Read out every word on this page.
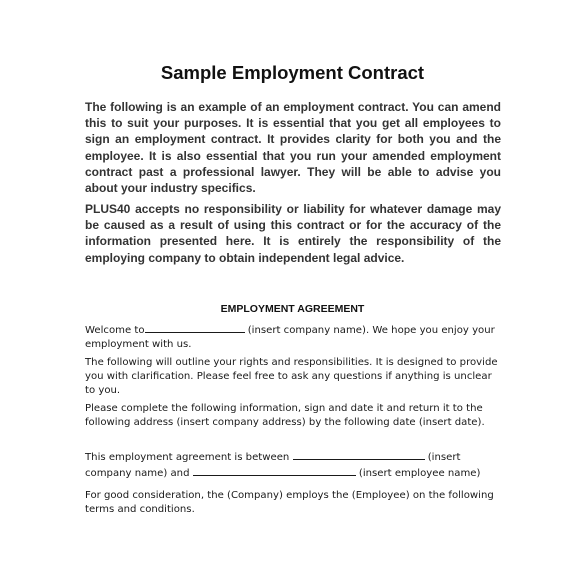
Sample Employment Contract

The following is an example of an employment contract. You can amend this to suit your purposes. It is essential that you get all employees to sign an employment contract. It provides clarity for both you and the employee. It is also essential that you run your amended employment contract past a professional lawyer. They will be able to advise you about your industry specifics.

PLUS40 accepts no responsibility or liability for whatever damage may be caused as a result of using this contract or for the accuracy of the information presented here. It is entirely the responsibility of the employing company to obtain independent legal advice.

EMPLOYMENT AGREEMENT

Welcome to	(insert company name). We hope you enjoy your employment with us.

The following will outline your rights and responsibilities. It is designed to provide you with clarification. Please feel free to ask any questions if anything is unclear to you.

Please complete the following information, sign and date it and return it to the following address (insert company address) by the following date (insert date).

This employment agreement is between	(insert company name) and	(insert employee name)

For good consideration, the (Company) employs the (Employee) on the following terms and conditions.
